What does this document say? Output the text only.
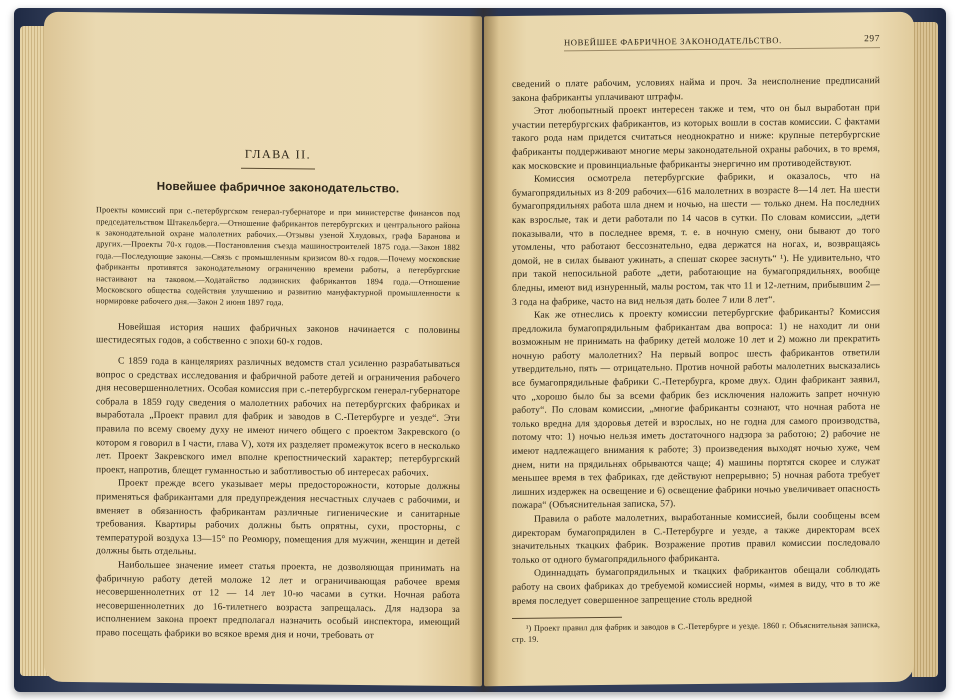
ГЛАВА II.
Новейшее фабричное законодательство.
Проекты комиссий при с.-петербургском генерал-губернаторе и при министерстве финансов под председательством Штакельберга.—Отношение фабрикантов петербургских и центрального района к законодательной охране малолетних рабочих.—Отзывы узеной Хлудовых, графа Баранова и других.—Проекты 70-х годов.—Постановления съезда машиностроителей 1875 года.—Закон 1882 года.—Последующие законы.—Связь с промышленным кризисом 80-х годов.—Почему московские фабриканты противятся законодательному ограничению времени работы, а петербургские настаивают на таковом.—Ходатайство лодзинских фабрикантов 1894 года.—Отношение Московского общества содействия улучшению и развитию мануфактурной промышленности к нормировке рабочего дня.—Закон 2 июня 1897 года.

Новейшая история наших фабричных законов начинается с половины шестидесятых годов, а собственно с эпохи 60-х годов.

С 1859 года в канцеляриях различных ведомств стал усиленно разрабатываться вопрос о средствах исследования и фабричной работе детей и ограничения рабочего дня несовершеннолетних. Особая комиссия при с.-петербургском генерал-губернаторе собрала в 1859 году сведения о малолетних рабочих на петербургских фабриках и выработала „Проект правил для фабрик и заводов в С.-Петербурге и уезде“. Эти правила по всему своему духу не имеют ничего общего с проектом Закревского (о котором я говорил в I части, глава V), хотя их разделяет промежуток всего в несколько лет. Проект Закревского имел вполне крепостнический характер; петербургский проект, напротив, блещет гуманностью и заботливостью об интересах рабочих.

Проект прежде всего указывает меры предосторожности, которые должны применяться фабрикантами для предупреждения несчастных случаев с рабочими, и вменяет в обязанность фабрикантам различные гигиенические и санитарные требования. Квартиры рабочих должны быть опрятны, сухи, просторны, с температурой воздуха 13—15° по Реомюру, помещения для мужчин, женщин и детей должны быть отдельны.

Наибольшее значение имеет статья проекта, не дозволяющая принимать на фабричную работу детей моложе 12 лет и ограничивающая рабочее время несовершеннолетних от 12 — 14 лет 10-ю часами в сутки. Ночная работа несовершеннолетних до 16-тилетнего возраста запрещалась. Для надзора за исполнением закона проект предполагал назначить особый инспектора, имеющий право посещать фабрики во всякое время дня и ночи, требовать от

НОВЕЙШЕЕ ФАБРИЧНОЕ ЗАКОНОДАТЕЛЬСТВО.	297

сведений о плате рабочим, условиях найма и проч. За неисполнение предписаний закона фабриканты уплачивают штрафы.

Этот любопытный проект интересен также и тем, что он был выработан при участии петербургских фабрикантов, из которых вошли в состав комиссии. С фактами такого рода нам придется считаться неоднократно и ниже: крупные петербургские фабриканты поддерживают многие меры законодательной охраны рабочих, в то время, как московские и провинциальные фабриканты энергично им противодействуют.

Комиссия осмотрела петербургские фабрики, и оказалось, что на бумагопрядильных из 8·209 рабочих—616 малолетних в возрасте 8—14 лет. На шести бумагопрядильнях работа шла днем и ночью, на шести — только днем. На последних как взрослые, так и дети работали по 14 часов в сутки. По словам комиссии, „дети показывали, что в последнее время, т. е. в ночную смену, они бывают до того утомлены, что работают бессознательно, едва держатся на ногах, и, возвращаясь домой, не в силах бывают ужинать, а спешат скорее заснуть“ ¹). Не удивительно, что при такой непосильной работе „дети, работающие на бумагопрядильнях, вообще бледны, имеют вид изнуренный, малы ростом, так что 11 и 12-летним, прибывшим 2—3 года на фабрике, часто на вид нельзя дать более 7 или 8 лет“.

Как же отнеслись к проекту комиссии петербургские фабриканты? Комиссия предложила бумагопрядильным фабрикантам два вопроса: 1) не находит ли они возможным не принимать на фабрику детей моложе 10 лет и 2) можно ли прекратить ночную работу малолетних? На первый вопрос шесть фабрикантов ответили утвердительно, пять — отрицательно. Против ночной работы малолетних высказались все бумагопрядильные фабрики С.-Петербурга, кроме двух. Один фабрикант заявил, что „хорошо было бы за всеми фабрик без исключения наложить запрет ночную работу“. По словам комиссии, „многие фабриканты сознают, что ночная работа не только вредна для здоровья детей и взрослых, но не годна для самого производства, потому что: 1) ночью нельзя иметь достаточного надзора за работою; 2) рабочие не имеют надлежащего внимания к работе; 3) произведения выходят ночью хуже, чем днем, нити на прядильнях обрываются чаще; 4) машины портятся скорее и служат меньшее время в тех фабриках, где действуют непрерывно; 5) ночная работа требует лишних издержек на освещение и 6) освещение фабрики ночью увеличивает опасность пожара“ (Объяснительная записка, 57).

Правила о работе малолетних, выработанные комиссией, были сообщены всем директорам бумагопрядилен в С.-Петербурге и уезде, а также директорам всех значительных ткацких фабрик. Возражение против правил комиссии последовало только от одного бумагопрядильного фабриканта.

Одиннадцать бумагопрядильных и ткацких фабрикантов обещали соблюдать работу на своих фабриках до требуемой комиссией нормы, «имея в виду, что в то же время последует совершенное запрещение столь вредной

¹) Проект правил для фабрик и заводов в С.-Петербурге и уезде. 1860 г. Объяснительная записка, стр. 19.
